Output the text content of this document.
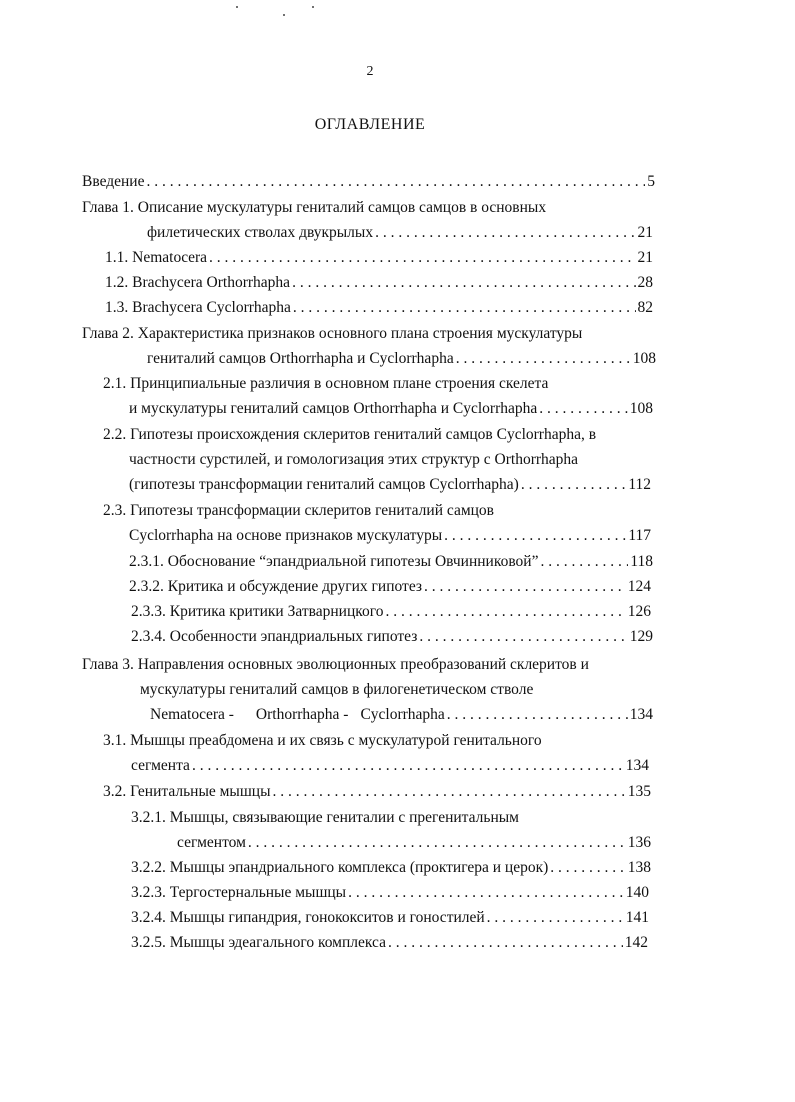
2
ОГЛАВЛЕНИЕ
Введение . . .	5
Глава 1. Описание мускулатуры гениталий самцов самцов в основных
филетических стволах двукрылых . . .	21
1.1. Nematocera . . .	21
1.2. Brachycera Orthorrhapha . . .	28
1.3. Brachycera Cyclorrhapha . . .	82
Глава 2. Характеристика признаков основного плана строения мускулатуры
гениталий самцов Orthorrhapha и Cyclorrhapha . . .	108
2.1. Принципиальные различия в основном плане строения скелета
и мускулатуры гениталий самцов Orthorrhapha и Cyclorrhapha . . .	108
2.2. Гипотезы происхождения склеритов гениталий самцов Cyclorrhapha, в
частности сурстилей, и гомологизация этих структур с Orthorrhapha
(гипотезы трансформации гениталий самцов Cyclorrhapha) . . .	112
2.3. Гипотезы трансформации склеритов гениталий самцов
Cyclorrhapha на основе признаков мускулатуры . . .	117
2.3.1. Обоснование “эпандриальной гипотезы Овчинниковой” . . .	118
2.3.2. Критика и обсуждение других гипотез . . .	124
2.3.3. Критика критики Затварницкого . . .	126
2.3.4. Особенности эпандриальных гипотез . . .	129
Глава 3. Направления основных эволюционных преобразований склеритов и
мускулатуры гениталий самцов в филогенетическом стволе
Nematocera - Orthorrhapha - Cyclorrhapha . . .	134
3.1. Мышцы преабдомена и их связь с мускулатурой генитального
сегмента . . .	134
3.2. Генитальные мышцы . . .	135
3.2.1. Мышцы, связывающие гениталии с прегенитальным
сегментом . . .	136
3.2.2. Мышцы эпандриального комплекса (проктигера и церок) . . .	138
3.2.3. Тергостернальные мышцы . . .	140
3.2.4. Мышцы гипандрия, гонококситов и гоностилей . . .	141
3.2.5. Мышцы эдеагального комплекса . . .	142
